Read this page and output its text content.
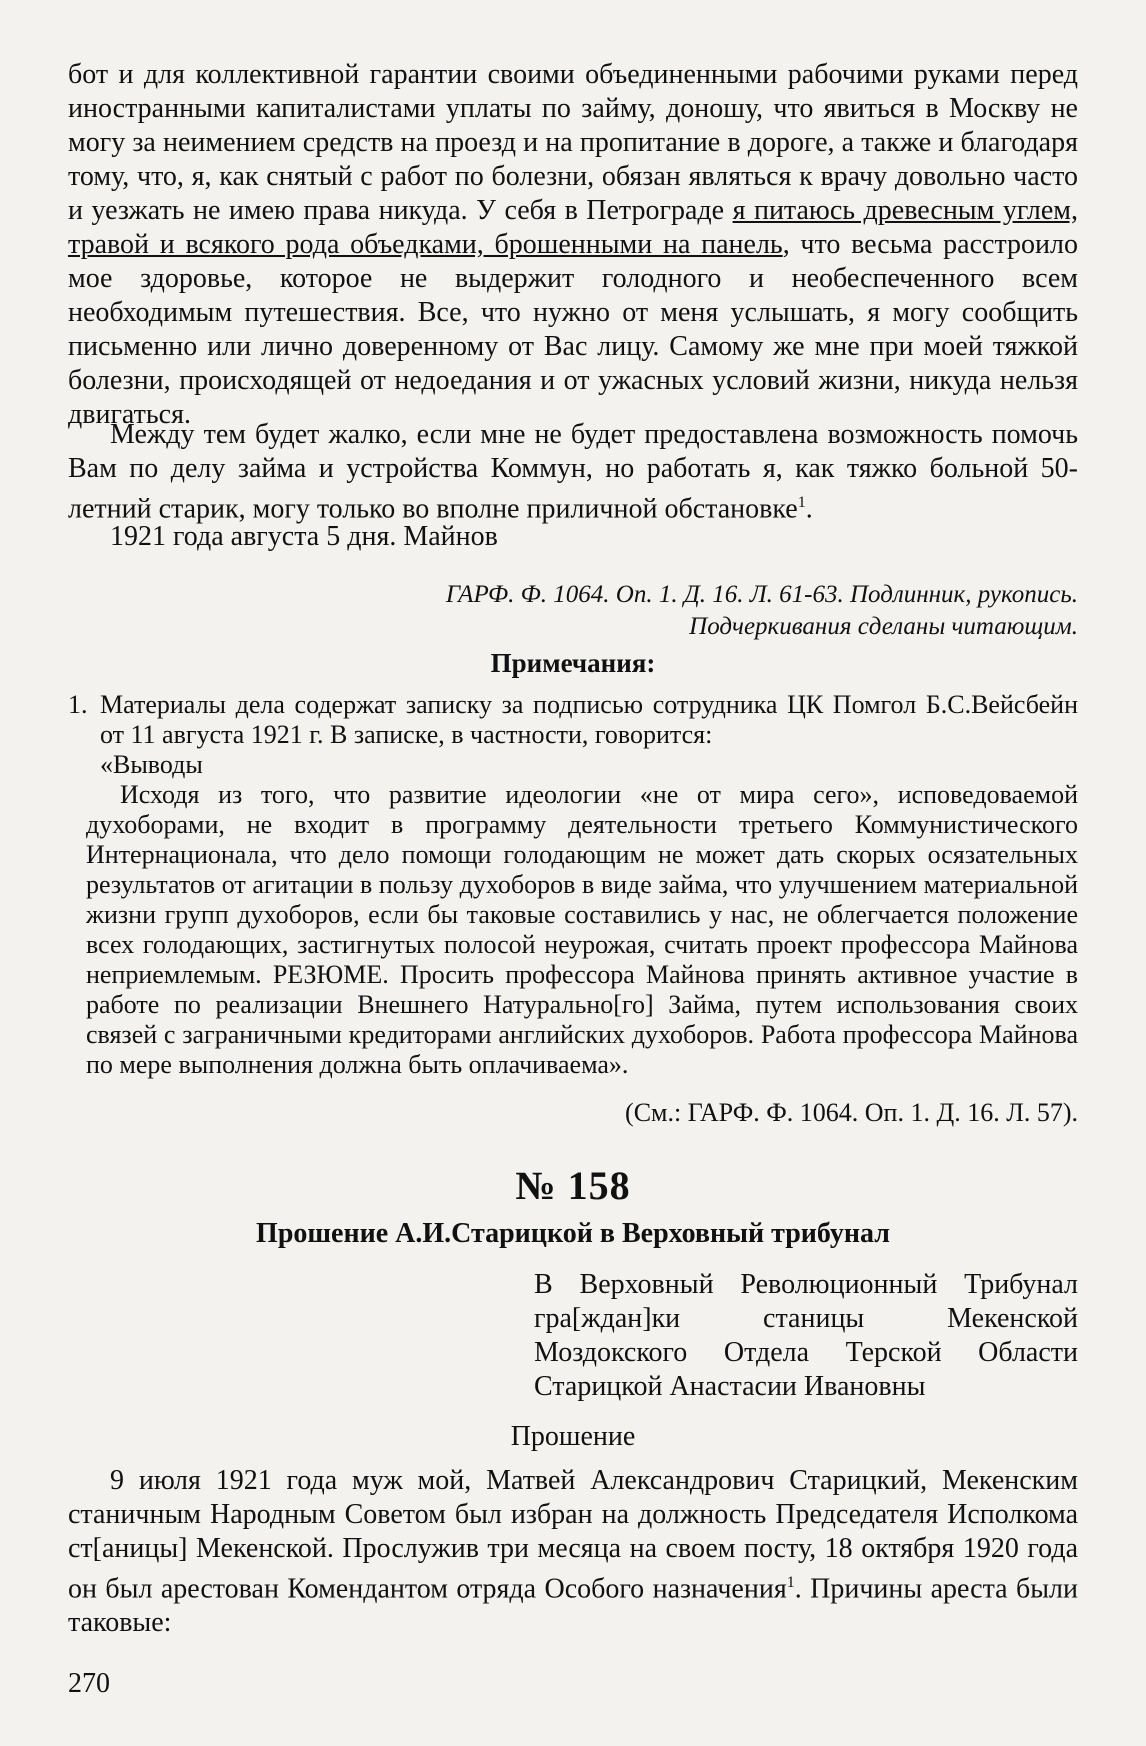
бот и для коллективной гарантии своими объединенными рабочими руками перед иностранными капиталистами уплаты по займу, доношу, что явиться в Москву не могу за неимением средств на проезд и на пропитание в дороге, а также и благодаря тому, что, я, как снятый с работ по болезни, обязан являться к врачу довольно часто и уезжать не имею права никуда. У себя в Петрограде я питаюсь древесным углем, травой и всякого рода объедками, брошенными на панель, что весьма расстроило мое здоровье, которое не выдержит голодного и необеспеченного всем необходимым путешествия. Все, что нужно от меня услышать, я могу сообщить письменно или лично доверенному от Вас лицу. Самому же мне при моей тяжкой болезни, происходящей от недоедания и от ужасных условий жизни, никуда нельзя двигаться.

Между тем будет жалко, если мне не будет предоставлена возможность помочь Вам по делу займа и устройства Коммун, но работать я, как тяжко больной 50-летний старик, могу только во вполне приличной обстановке$^1$.

1921 года августа 5 дня. Майнов

ГАРФ. Ф. 1064. Оп. 1. Д. 16. Л. 61-63. Подлинник, рукопись.

Подчеркивания сделаны читающим.

Примечания:

1. Материалы дела содержат записку за подписью сотрудника ЦК Помгол Б.С.Вейсбейн от 11 августа 1921 г. В записке, в частности, говорится:

«Выводы

Исходя из того, что развитие идеологии «не от мира сего», исповедоваемой духоборами, не входит в программу деятельности третьего Коммунистического Интернационала, что дело помощи голодающим не может дать скорых осязательных результатов от агитации в пользу духоборов в виде займа, что улучшением материальной жизни групп духоборов, если бы таковые составились у нас, не облегчается положение всех голодающих, застигнутых полосой неурожая, считать проект профессора Майнова неприемлемым. РЕЗЮМЕ. Просить профессора Майнова принять активное участие в работе по реализации Внешнего Натурально[го] Займа, путем использования своих связей с заграничными кредиторами английских духоборов. Работа профессора Майнова по мере выполнения должна быть оплачиваема».

(См.: ГАРФ. Ф. 1064. Оп. 1. Д. 16. Л. 57).

№ 158

Прошение А.И.Старицкой в Верховный трибунал

В Верховный Революционный Трибунал гра[ждан]ки станицы Мекенской Моздокского Отдела Терской Области Старицкой Анастасии Ивановны

Прошение

9 июля 1921 года муж мой, Матвей Александрович Старицкий, Мекенским станичным Народным Советом был избран на должность Председателя Исполкома ст[аницы] Мекенской. Прослужив три месяца на своем посту, 18 октября 1920 года он был арестован Комендантом отряда Особого назначения$^1$. Причины ареста были таковые:

270
